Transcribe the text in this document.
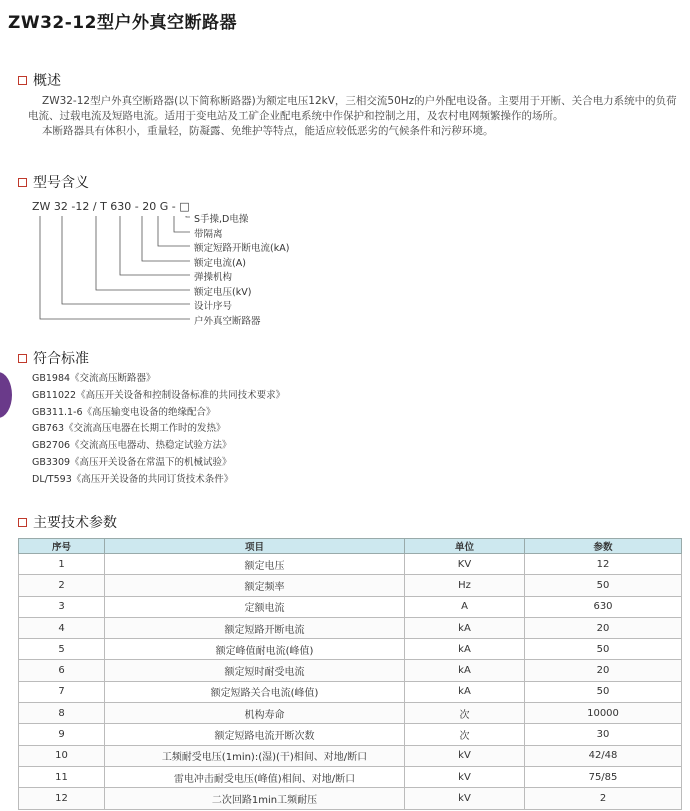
ZW32-12型户外真空断路器
概述

ZW32-12型户外真空断路器(以下简称断路器)为额定电压12kV，三相交流50Hz的户外配电设备。主要用于开断、关合电力系统中的负荷电流、过载电流及短路电流。适用于变电站及工矿企业配电系统中作保护和控制之用，及农村电网频繁操作的场所。

本断路器具有体积小，重量轻，防凝露、免维护等特点，能适应较低恶劣的气候条件和污秽环境。

型号含义
ZW 32 -12 / T 630 - 20 G - □
S手操,D电操
带隔离
额定短路开断电流(kA)
额定电流(A)
弹操机构
额定电压(kV)
设计序号
户外真空断路器
符合标准
GB1984《交流高压断路器》
GB11022《高压开关设备和控制设备标准的共同技术要求》
GB311.1-6《高压输变电设备的绝缘配合》
GB763《交流高压电器在长期工作时的发热》
GB2706《交流高压电器动、热稳定试验方法》
GB3309《高压开关设备在常温下的机械试验》
DL/T593《高压开关设备的共同订货技术条件》
主要技术参数
序号	项目	单位	参数
1	额定电压	KV	12
2	额定频率	Hz	50
3	定额电流	A	630
4	额定短路开断电流	kA	20
5	额定峰值耐电流(峰值)	kA	50
6	额定短时耐受电流	kA	20
7	额定短路关合电流(峰值)	kA	50
8	机构寿命	次	10000
9	额定短路电流开断次数	次	30
10	工频耐受电压(1min):(湿)(干)相间、对地/断口	kV	42/48
11	雷电冲击耐受电压(峰值)相间、对地/断口	kV	75/85
12	二次回路1min工频耐压	kV	2
